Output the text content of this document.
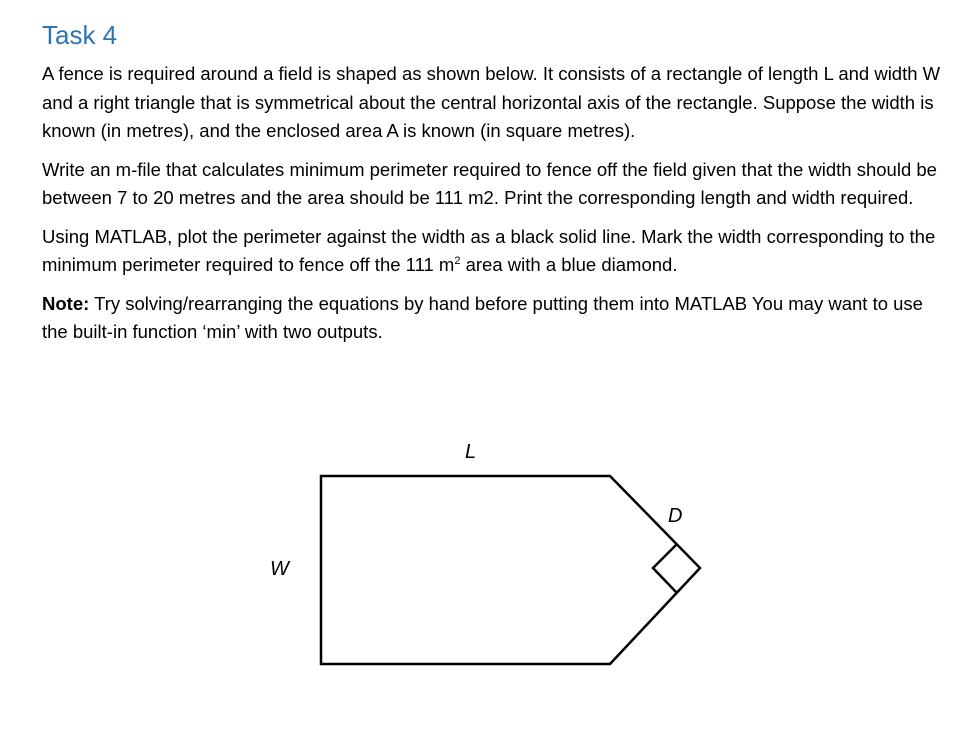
Task 4

A fence is required around a field is shaped as shown below. It consists of a rectangle of length L and width W and a right triangle that is symmetrical about the central horizontal axis of the rectangle. Suppose the width is known (in metres), and the enclosed area A is known (in square metres).

Write an m-file that calculates minimum perimeter required to fence off the field given that the width should be between 7 to 20 metres and the area should be 111 m2. Print the corresponding length and width required.

Using MATLAB, plot the perimeter against the width as a black solid line. Mark the width corresponding to the minimum perimeter required to fence off the 111 $m^2$ area with a blue diamond.

Note: Try solving/rearranging the equations by hand before putting them into MATLAB You may want to use the built-in function ‘min’ with two outputs.

L
W
D
